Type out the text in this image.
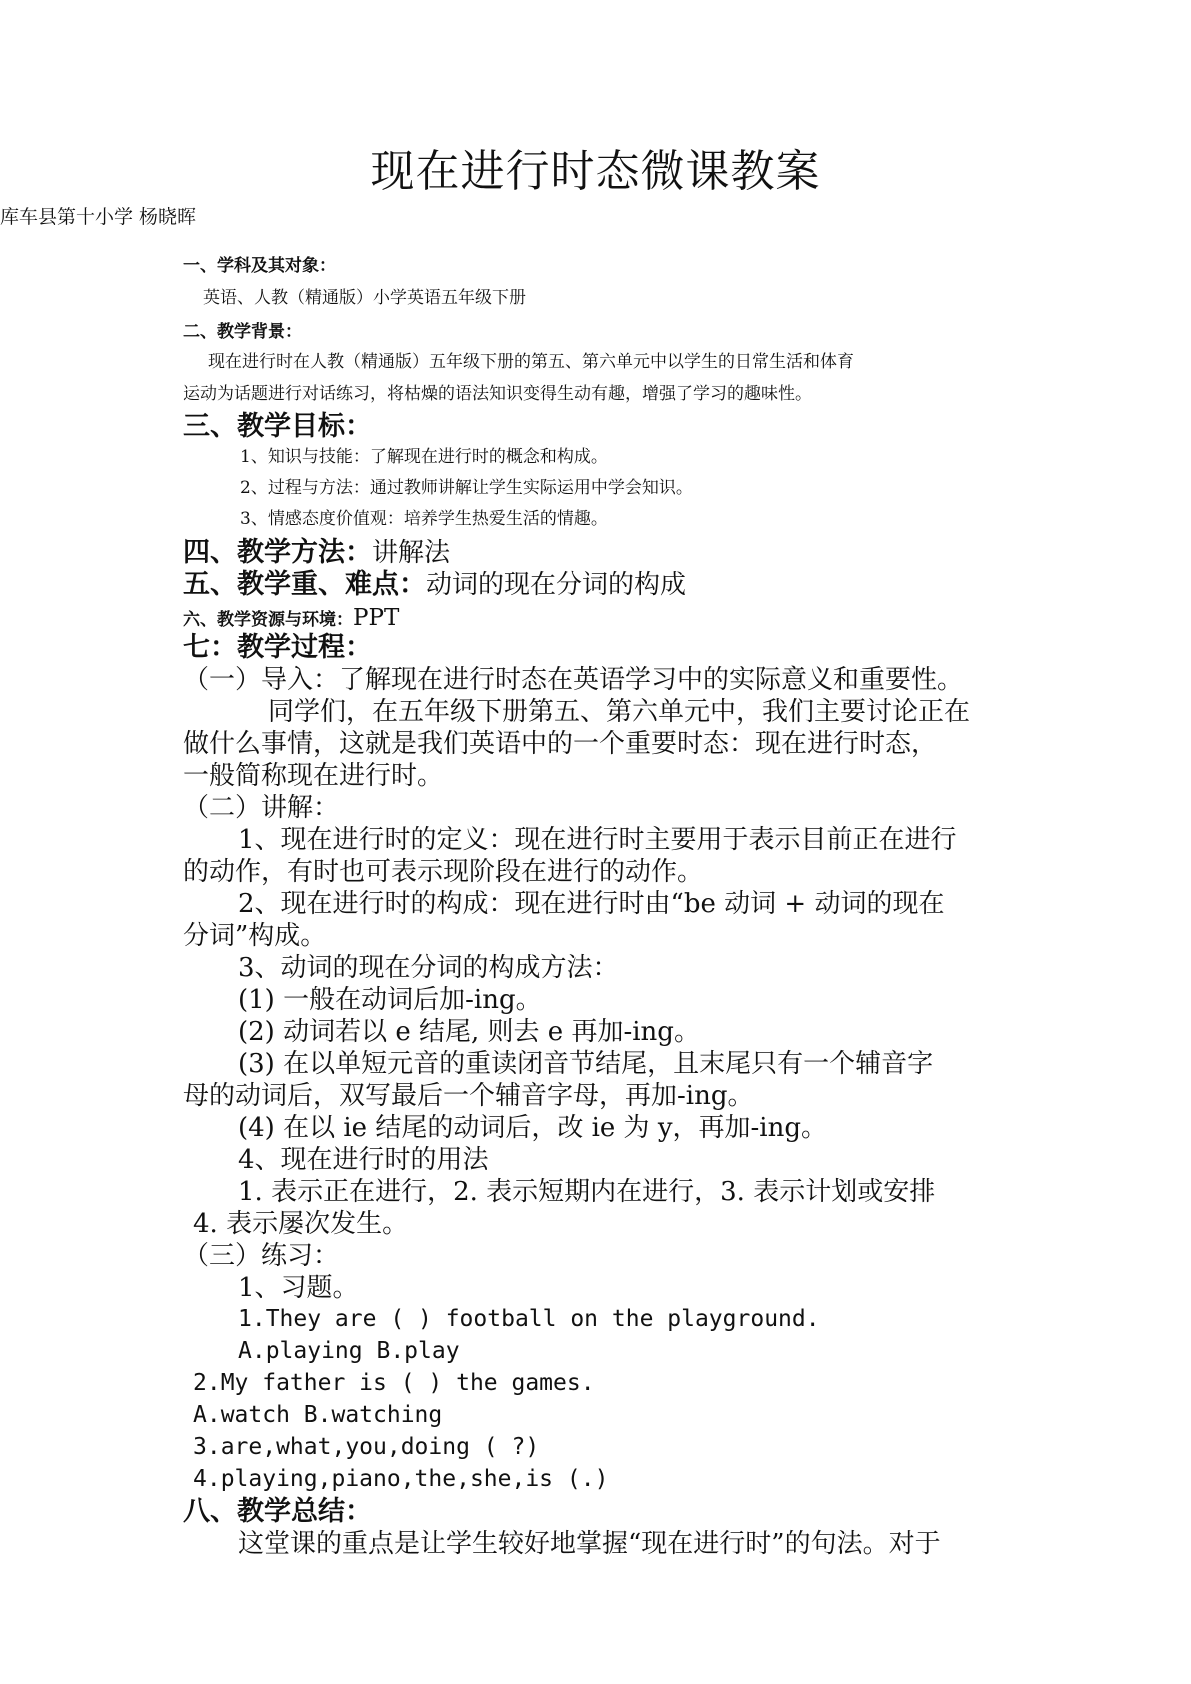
现在进行时态微课教案
库车县第十小学 杨晓晖
一、学科及其对象：
英语、人教（精通版）小学英语五年级下册
二、教学背景：
现在进行时在人教（精通版）五年级下册的第五、第六单元中以学生的日常生活和体育
运动为话题进行对话练习，将枯燥的语法知识变得生动有趣，增强了学习的趣味性。
三、教学目标：
1、知识与技能：了解现在进行时的概念和构成。
2、过程与方法：通过教师讲解让学生实际运用中学会知识。
3、情感态度价值观：培养学生热爱生活的情趣。
四、教学方法：讲解法
五、教学重、难点：动词的现在分词的构成
六、教学资源与环境：PPT
七：教学过程：
（一）导入：了解现在进行时态在英语学习中的实际意义和重要性。
同学们，在五年级下册第五、第六单元中，我们主要讨论正在
做什么事情，这就是我们英语中的一个重要时态：现在进行时态，
一般简称现在进行时。
（二）讲解：
1、现在进行时的定义：现在进行时主要用于表示目前正在进行
的动作，有时也可表示现阶段在进行的动作。
2、现在进行时的构成：现在进行时由“be 动词 + 动词的现在
分词”构成。
3、动词的现在分词的构成方法：
(1) 一般在动词后加-ing。
(2) 动词若以 e 结尾, 则去 e 再加-ing。
(3) 在以单短元音的重读闭音节结尾，且末尾只有一个辅音字
母的动词后，双写最后一个辅音字母，再加-ing。
(4) 在以 ie 结尾的动词后，改 ie 为 y，再加-ing。
4、现在进行时的用法
1. 表示正在进行，2. 表示短期内在进行，3. 表示计划或安排
4. 表示屡次发生。
（三）练习：
1、习题。
1.They are ( ) football on the playground.
A.playing B.play
2.My father is ( ) the games.
A.watch B.watching
3.are,what,you,doing ( ?)
4.playing,piano,the,she,is (.)
八、教学总结：
这堂课的重点是让学生较好地掌握“现在进行时”的句法。对于
